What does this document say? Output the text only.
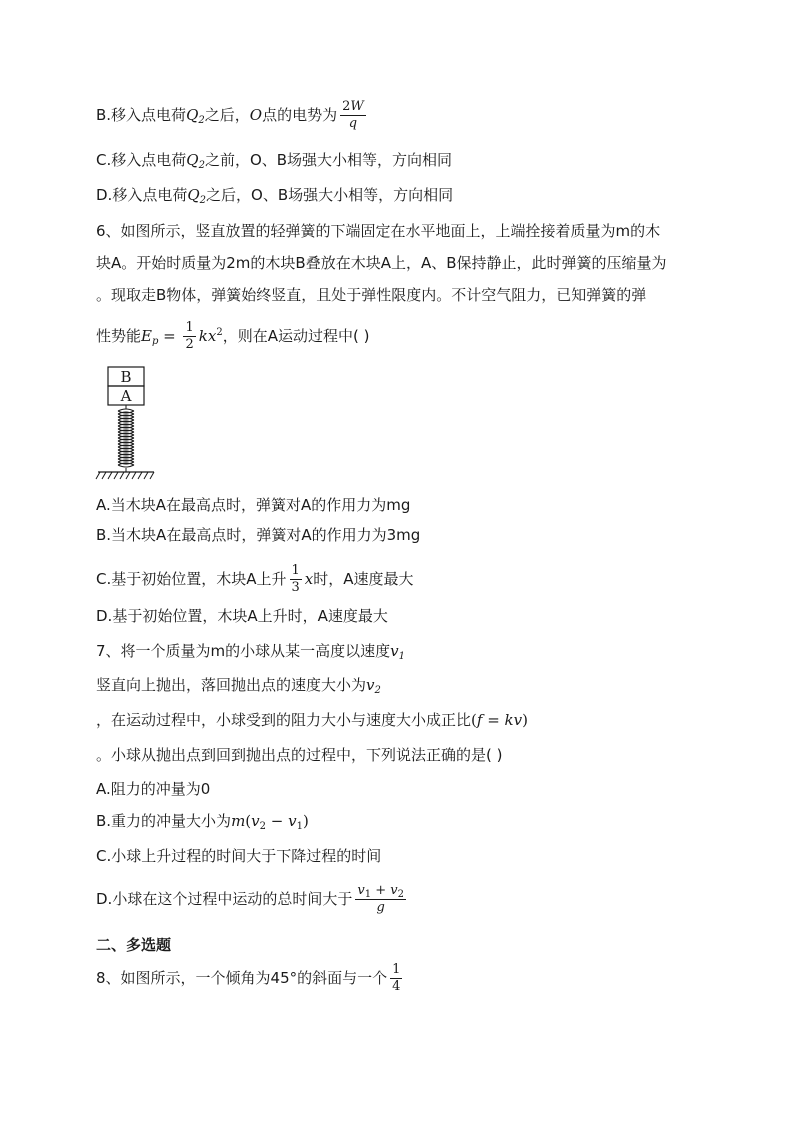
B.移入点电荷$Q_2$之后，O点的电势为 $\frac{2W}{q}$
C.移入点电荷$Q_2$之前，O、B场强大小相等，方向相同
D.移入点电荷$Q_2$之后，O、B场强大小相等，方向相同
6、如图所示，竖直放置的轻弹簧的下端固定在水平地面上，上端拴接着质量为m的木
块A。开始时质量为2m的木块B叠放在木块A上，A、B保持静止，此时弹簧的压缩量为
。现取走B物体，弹簧始终竖直，且处于弹性限度内。不计空气阻力，已知弹簧的弹
性势能$E_p = \frac{1}{2} kx^2$，则在A运动过程中( )
B
A
A.当木块A在最高点时，弹簧对A的作用力为mg
B.当木块A在最高点时，弹簧对A的作用力为3mg
C.基于初始位置，木块A上升 $\frac{1}{3}$ x时，A速度最大
D.基于初始位置，木块A上升时，A速度最大
7、将一个质量为m的小球从某一高度以速度$v_1$
竖直向上抛出，落回抛出点的速度大小为$v_2$
，在运动过程中，小球受到的阻力大小与速度大小成正比(f = kv)
。小球从抛出点到回到抛出点的过程中，下列说法正确的是( )
A.阻力的冲量为0
B.重力的冲量大小为$m(v_2 - v_1)$
C.小球上升过程的时间大于下降过程的时间
D.小球在这个过程中运动的总时间大于 $\frac{v_1 + v_2}{g}$
二、多选题
8、如图所示，一个倾角为45°的斜面与一个 $\frac{1}{4}$
